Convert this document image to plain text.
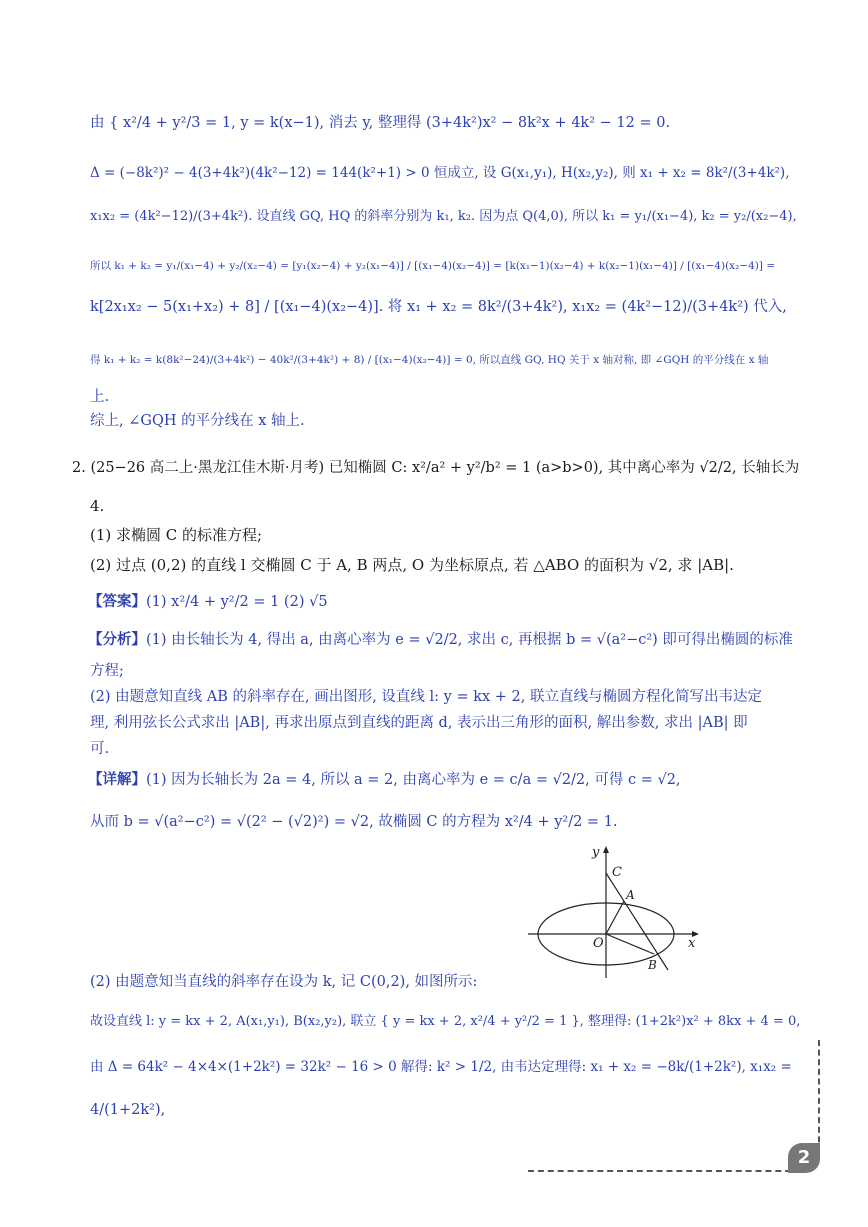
由 { x²/4 + y²/3 = 1, y = k(x−1), 消去 y, 整理得 (3+4k²)x² − 8k²x + 4k² − 12 = 0.
Δ = (−8k²)² − 4(3+4k²)(4k²−12) = 144(k²+1) > 0 恒成立, 设 G(x₁,y₁), H(x₂,y₂), 则 x₁ + x₂ = 8k²/(3+4k²),
x₁x₂ = (4k²−12)/(3+4k²). 设直线 GQ, HQ 的斜率分别为 k₁, k₂. 因为点 Q(4,0), 所以 k₁ = y₁/(x₁−4), k₂ = y₂/(x₂−4),
所以 k₁ + k₂ = y₁/(x₁−4) + y₂/(x₂−4) = [y₁(x₂−4) + y₂(x₁−4)] / [(x₁−4)(x₂−4)] = [k(x₁−1)(x₂−4) + k(x₂−1)(x₁−4)] / [(x₁−4)(x₂−4)] =
k[2x₁x₂ − 5(x₁+x₂) + 8] / [(x₁−4)(x₂−4)]. 将 x₁ + x₂ = 8k²/(3+4k²), x₁x₂ = (4k²−12)/(3+4k²) 代入,
得 k₁ + k₂ = k(8k²−24)/(3+4k²) − 40k²/(3+4k²) + 8) / [(x₁−4)(x₂−4)] = 0, 所以直线 GQ, HQ 关于 x 轴对称, 即 ∠GQH 的平分线在 x 轴
上.
综上, ∠GQH 的平分线在 x 轴上.
2. (25−26 高二上·黑龙江佳木斯·月考) 已知椭圆 C: x²/a² + y²/b² = 1 (a>b>0), 其中离心率为 √2/2, 长轴长为
4.
(1) 求椭圆 C 的标准方程;
(2) 过点 (0,2) 的直线 l 交椭圆 C 于 A, B 两点, O 为坐标原点, 若 △ABO 的面积为 √2, 求 |AB|.
【答案】(1) x²/4 + y²/2 = 1 (2) √5
【分析】(1) 由长轴长为 4, 得出 a, 由离心率为 e = √2/2, 求出 c, 再根据 b = √(a²−c²) 即可得出椭圆的标准
方程;
(2) 由题意知直线 AB 的斜率存在, 画出图形, 设直线 l: y = kx + 2, 联立直线与椭圆方程化简写出韦达定
理, 利用弦长公式求出 |AB|, 再求出原点到直线的距离 d, 表示出三角形的面积, 解出参数, 求出 |AB| 即
可.
【详解】(1) 因为长轴长为 2a = 4, 所以 a = 2, 由离心率为 e = c/a = √2/2, 可得 c = √2,
从而 b = √(a²−c²) = √(2² − (√2)²) = √2, 故椭圆 C 的方程为 x²/4 + y²/2 = 1.
y
x
O
A
B
C
(2) 由题意知当直线的斜率存在设为 k, 记 C(0,2), 如图所示:
故设直线 l: y = kx + 2, A(x₁,y₁), B(x₂,y₂), 联立 { y = kx + 2, x²/4 + y²/2 = 1 }, 整理得: (1+2k²)x² + 8kx + 4 = 0,
由 Δ = 64k² − 4×4×(1+2k²) = 32k² − 16 > 0 解得: k² > 1/2, 由韦达定理得: x₁ + x₂ = −8k/(1+2k²), x₁x₂ =
4/(1+2k²),
2
